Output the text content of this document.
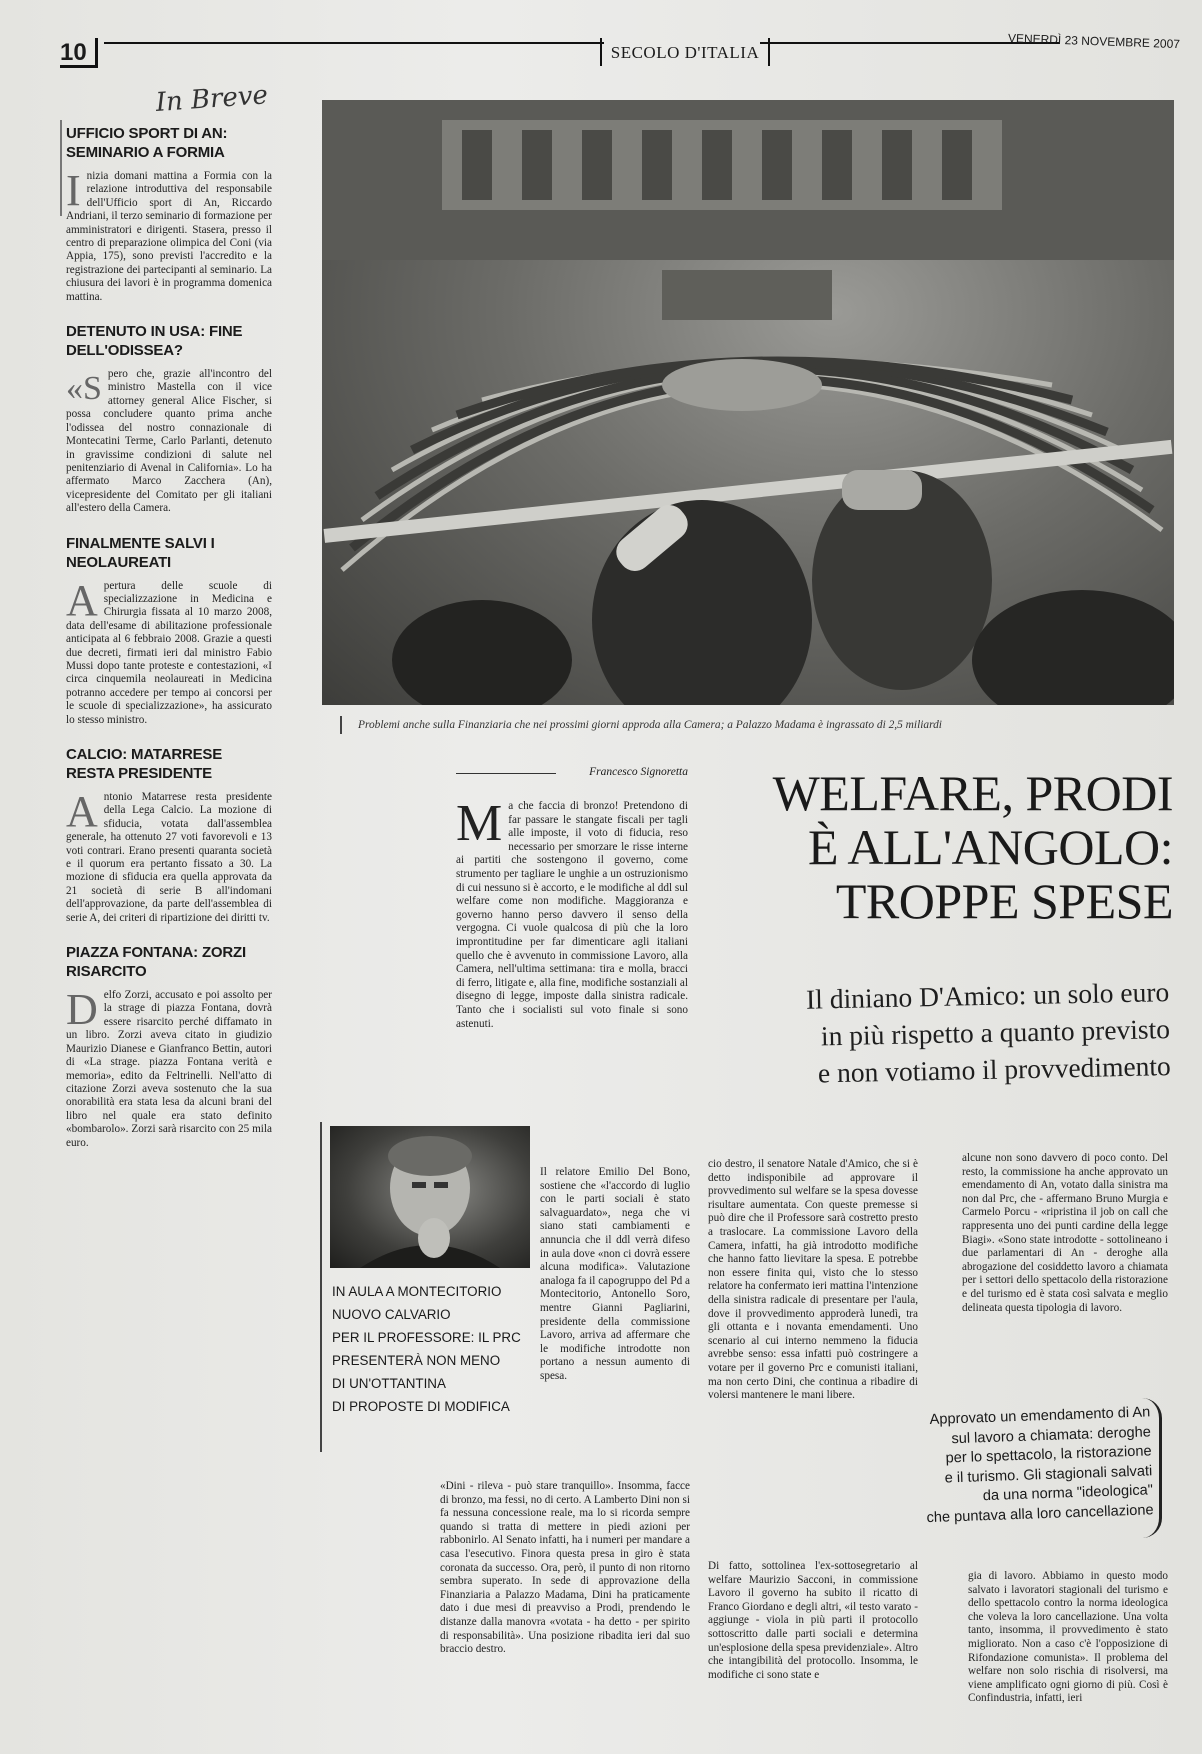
10	SECOLO D'ITALIA
VENERDÌ 23 NOVEMBRE 2007
In Breve
UFFICIO SPORT DI AN: SEMINARIO A FORMIA

Inizia domani mattina a Formia con la relazione introduttiva del responsabile dell'Ufficio sport di An, Riccardo Andriani, il terzo seminario di formazione per amministratori e dirigenti. Stasera, presso il centro di preparazione olimpica del Coni (via Appia, 175), sono previsti l'accredito e la registrazione dei partecipanti al seminario. La chiusura dei lavori è in programma domenica mattina.

DETENUTO IN USA: FINE DELL'ODISSEA?

«Spero che, grazie all'incontro del ministro Mastella con il vice attorney general Alice Fischer, si possa concludere quanto prima anche l'odissea del nostro connazionale di Montecatini Terme, Carlo Parlanti, detenuto in gravissime condizioni di salute nel penitenziario di Avenal in California». Lo ha affermato Marco Zacchera (An), vicepresidente del Comitato per gli italiani all'estero della Camera.

FINALMENTE SALVI I NEOLAUREATI

Apertura delle scuole di specializzazione in Medicina e Chirurgia fissata al 10 marzo 2008, data dell'esame di abilitazione professionale anticipata al 6 febbraio 2008. Grazie a questi due decreti, firmati ieri dal ministro Fabio Mussi dopo tante proteste e contestazioni, «I circa cinquemila neolaureati in Medicina potranno accedere per tempo ai concorsi per le scuole di specializzazione», ha assicurato lo stesso ministro.

CALCIO: MATARRESE RESTA PRESIDENTE

Antonio Matarrese resta presidente della Lega Calcio. La mozione di sfiducia, votata dall'assemblea generale, ha ottenuto 27 voti favorevoli e 13 voti contrari. Erano presenti quaranta società e il quorum era pertanto fissato a 30. La mozione di sfiducia era quella approvata da 21 società di serie B all'indomani dell'approvazione, da parte dell'assemblea di serie A, dei criteri di ripartizione dei diritti tv.

PIAZZA FONTANA: ZORZI RISARCITO

Delfo Zorzi, accusato e poi assolto per la strage di piazza Fontana, dovrà essere risarcito perché diffamato in un libro. Zorzi aveva citato in giudizio Maurizio Dianese e Gianfranco Bettin, autori di «La strage. piazza Fontana verità e memoria», edito da Feltrinelli. Nell'atto di citazione Zorzi aveva sostenuto che la sua onorabilità era stata lesa da alcuni brani del libro nel quale era stato definito «bombarolo». Zorzi sarà risarcito con 25 mila euro.

Problemi anche sulla Finanziaria che nei prossimi giorni approda alla Camera; a Palazzo Madama è ingrassato di 2,5 miliardi
Francesco Signoretta	WELFARE, PRODI
È ALL'ANGOLO:
TROPPE SPESE
Il diniano D'Amico: un solo euro
in più rispetto a quanto previsto
e non votiamo il provvedimento
Ma che faccia di bronzo! Pretendono di far passare le stangate fiscali per tagli alle imposte, il voto di fiducia, reso necessario per smorzare le risse interne ai partiti che sostengono il governo, come strumento per tagliare le unghie a un ostruzionismo di cui nessuno si è accorto, e le modifiche al ddl sul welfare come non modifiche. Maggioranza e governo hanno perso davvero il senso della vergogna. Ci vuole qualcosa di più che la loro improntitudine per far dimenticare agli italiani quello che è avvenuto in commissione Lavoro, alla Camera, nell'ultima settimana: tira e molla, bracci di ferro, litigate e, alla fine, modifiche sostanziali al disegno di legge, imposte dalla sinistra radicale. Tanto che i socialisti sul voto finale si sono astenuti.
Il relatore Emilio Del Bono, sostiene che «l'accordo di luglio con le parti sociali è stato salvaguardato», nega che vi siano stati cambiamenti e annuncia che il ddl verrà difeso in aula dove «non ci dovrà essere alcuna modifica». Valutazione analoga fa il capogruppo del Pd a Montecitorio, Antonello Soro, mentre Gianni Pagliarini, presidente della commissione Lavoro, arriva ad affermare che le modifiche introdotte non portano a nessun aumento di spesa.
«Dini - rileva - può stare tranquillo». Insomma, facce di bronzo, ma fessi, no di certo. A Lamberto Dini non si fa nessuna concessione reale, ma lo si ricorda sempre quando si tratta di mettere in piedi azioni per rabbonirlo. Al Senato infatti, ha i numeri per mandare a casa l'esecutivo. Finora questa presa in giro è stata coronata da successo. Ora, però, il punto di non ritorno sembra superato. In sede di approvazione della Finanziaria a Palazzo Madama, Dini ha praticamente dato i due mesi di preavviso a Prodi, prendendo le distanze dalla manovra «votata - ha detto - per spirito di responsabilità». Una posizione ribadita ieri dal suo braccio destro.
cio destro, il senatore Natale d'Amico, che si è detto indisponibile ad approvare il provvedimento sul welfare se la spesa dovesse risultare aumentata. Con queste premesse si può dire che il Professore sarà costretto presto a traslocare. La commissione Lavoro della Camera, infatti, ha già introdotto modifiche che hanno fatto lievitare la spesa. E potrebbe non essere finita qui, visto che lo stesso relatore ha confermato ieri mattina l'intenzione della sinistra radicale di presentare per l'aula, dove il provvedimento approderà lunedì, tra gli ottanta e i novanta emendamenti. Uno scenario al cui interno nemmeno la fiducia avrebbe senso: essa infatti può costringere a votare per il governo Prc e comunisti italiani, ma non certo Dini, che continua a ribadire di volersi mantenere le mani libere.
Di fatto, sottolinea l'ex-sottosegretario al welfare Maurizio Sacconi, in commissione Lavoro il governo ha subito il ricatto di Franco Giordano e degli altri, «il testo varato - aggiunge - viola in più parti il protocollo sottoscritto dalle parti sociali e determina un'esplosione della spesa previdenziale». Altro che intangibilità del protocollo. Insomma, le modifiche ci sono state e
alcune non sono davvero di poco conto. Del resto, la commissione ha anche approvato un emendamento di An, votato dalla sinistra ma non dal Prc, che - affermano Bruno Murgia e Carmelo Porcu - «ripristina il job on call che rappresenta uno dei punti cardine della legge Biagi». «Sono state introdotte - sottolineano i due parlamentari di An - deroghe alla abrogazione del cosiddetto lavoro a chiamata per i settori dello spettacolo della ristorazione e del turismo ed è stata così salvata e meglio delineata questa tipologia di lavoro.
gia di lavoro. Abbiamo in questo modo salvato i lavoratori stagionali del turismo e dello spettacolo contro la norma ideologica che voleva la loro cancellazione. Una volta tanto, insomma, il provvedimento è stato migliorato. Non a caso c'è l'opposizione di Rifondazione comunista». Il problema del welfare non solo rischia di risolversi, ma viene amplificato ogni giorno di più. Così è Confindustria, infatti, ieri
IN AULA A MONTECITORIO
NUOVO CALVARIO
PER IL PROFESSORE: IL PRC
PRESENTERÀ NON MENO
DI UN'OTTANTINA
DI PROPOSTE DI MODIFICA	Approvato un emendamento di An
sul lavoro a chiamata: deroghe
per lo spettacolo, la ristorazione
e il turismo. Gli stagionali salvati
da una norma "ideologica"
che puntava alla loro cancellazione
